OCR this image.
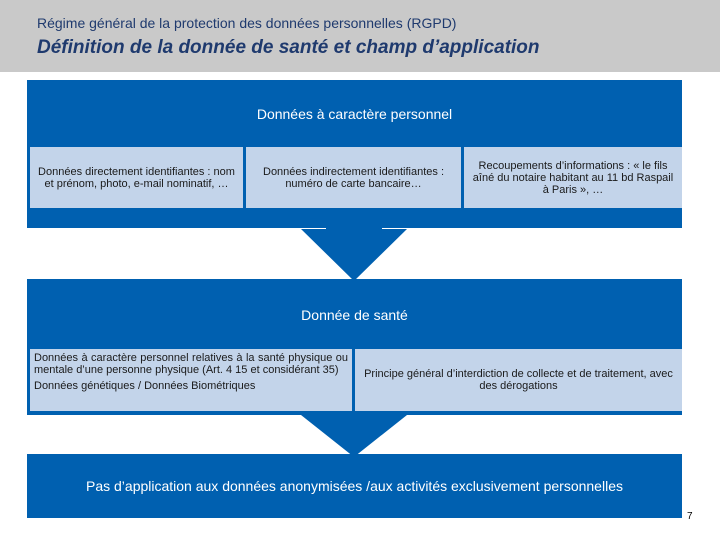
Régime général de la protection des données personnelles (RGPD)
Définition de la donnée de santé et champ d’application
Données à caractère personnel
Données directement identifiantes : nom et prénom, photo, e-mail nominatif, …
Données indirectement identifiantes : numéro de carte bancaire…
Recoupements d’informations : « le fils aîné du notaire habitant au 11 bd Raspail à Paris », …
Donnée de santé

Données à caractère personnel relatives à la santé physique ou mentale d’une personne physique (Art. 4 15 et considérant 35)

Données génétiques / Données Biométriques

Principe général d’interdiction de collecte et de traitement, avec des dérogations
Pas d’application aux données anonymisées /aux activités exclusivement personnelles
7
